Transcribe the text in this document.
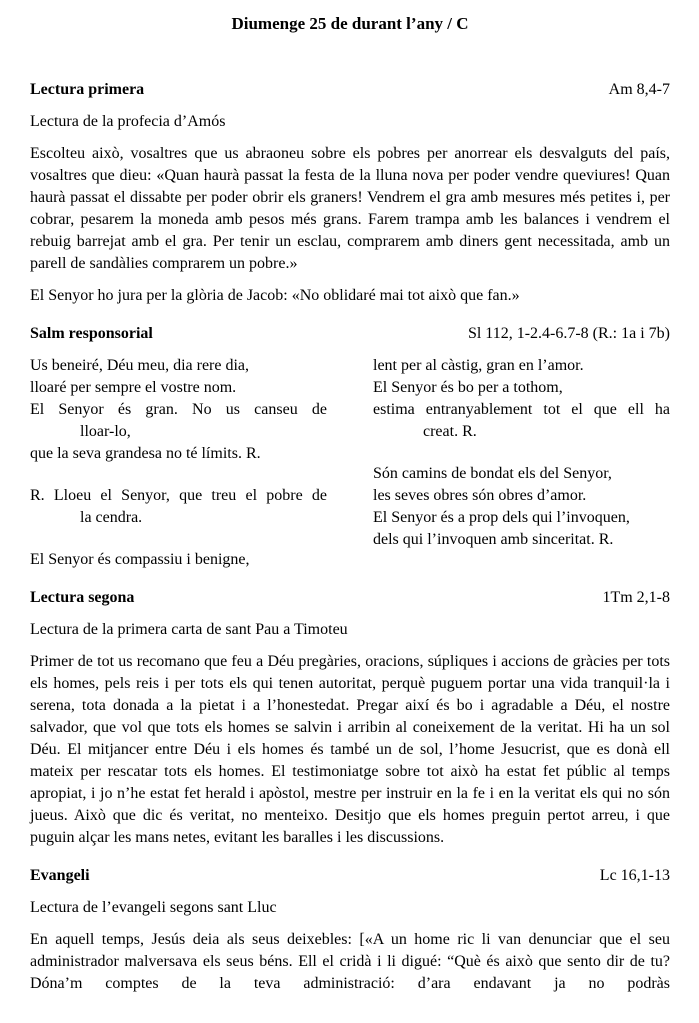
Diumenge 25 de durant l’any / C
Lectura primera	Am 8,4-7

Lectura de la profecia d’Amós

Escolteu això, vosaltres que us abraoneu sobre els pobres per anorrear els desvalguts del país, vosaltres que dieu: «Quan haurà passat la festa de la lluna nova per poder vendre queviures! Quan haurà passat el dissabte per poder obrir els graners! Vendrem el gra amb mesures més petites i, per cobrar, pesarem la moneda amb pesos més grans. Farem trampa amb les balances i vendrem el rebuig barrejat amb el gra. Per tenir un esclau, comprarem amb diners gent necessitada, amb un parell de sandàlies comprarem un pobre.»

El Senyor ho jura per la glòria de Jacob: «No oblidaré mai tot això que fan.»

Salm responsorial	Sl 112, 1-2.4-6.7-8 (R.: 1a i 7b)
Us beneiré, Déu meu, dia rere dia,
lloaré per sempre el vostre nom.
El Senyor és gran. No us canseu de
lloar-lo,
que la seva grandesa no té límits. R.
R. Lloeu el Senyor, que treu el pobre de
la cendra.
El Senyor és compassiu i benigne,
lent per al càstig, gran en l’amor.
El Senyor és bo per a tothom,
estima entranyablement tot el que ell ha
creat. R.
Són camins de bondat els del Senyor,
les seves obres són obres d’amor.
El Senyor és a prop dels qui l’invoquen,
dels qui l’invoquen amb sinceritat. R.
Lectura segona	1Tm 2,1-8

Lectura de la primera carta de sant Pau a Timoteu

Primer de tot us recomano que feu a Déu pregàries, oracions, súpliques i accions de gràcies per tots els homes, pels reis i per tots els qui tenen autoritat, perquè puguem portar una vida tranquil·la i serena, tota donada a la pietat i a l’honestedat. Pregar així és bo i agradable a Déu, el nostre salvador, que vol que tots els homes se salvin i arribin al coneixement de la veritat. Hi ha un sol Déu. El mitjancer entre Déu i els homes és també un de sol, l’home Jesucrist, que es donà ell mateix per rescatar tots els homes. El testimoniatge sobre tot això ha estat fet públic al temps apropiat, i jo n’he estat fet herald i apòstol, mestre per instruir en la fe i en la veritat els qui no són jueus. Això que dic és veritat, no menteixo. Desitjo que els homes preguin pertot arreu, i que puguin alçar les mans netes, evitant les baralles i les discussions.

Evangeli	Lc 16,1-13

Lectura de l’evangeli segons sant Lluc

En aquell temps, Jesús deia als seus deixebles: [«A un home ric li van denunciar que el seu administrador malversava els seus béns. Ell el cridà i li digué: “Què és això que sento dir de tu? Dóna’m comptes de la teva administració: d’ara endavant ja no podràs
